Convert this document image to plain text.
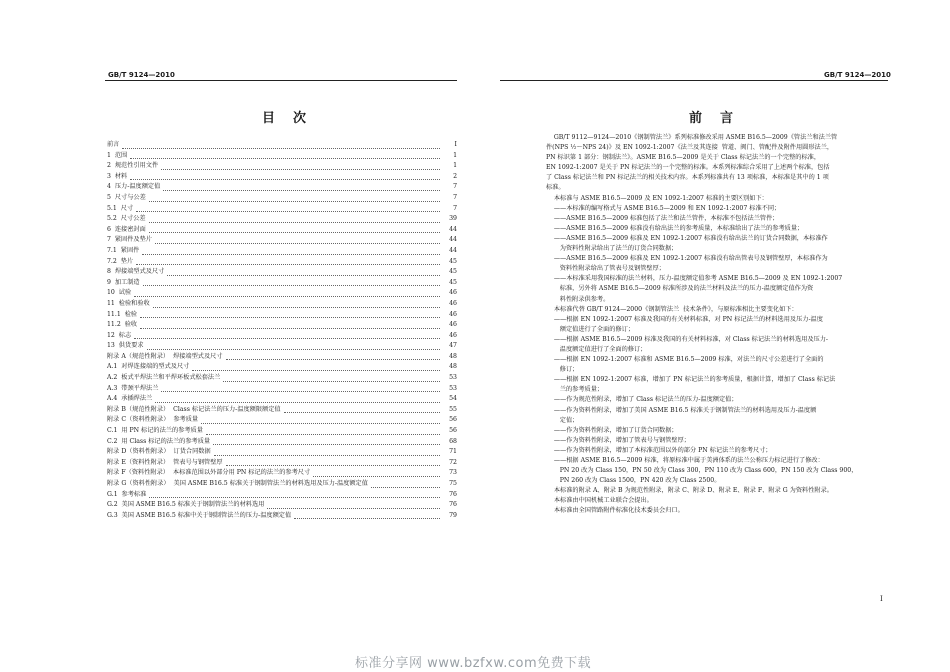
GB/T 9124—2010
目次
前言	Ⅰ
1  范围	1
2  规范性引用文件	1
3  材料	2
4  压力-温度额定值	7
5  尺寸与公差	7
5.1  尺寸	7
5.2  尺寸公差	39
6  连接密封面	44
7  紧固件及垫片	44
7.1  紧固件	44
7.2  垫片	45
8  焊接端型式及尺寸	45
9  加工制造	45
10  试验	46
11  检验和验收	46
11.1  检验	46
11.2  验收	46
12  标志	46
13  供货要求	47
附录 A（规范性附录）  焊接端型式及尺寸	48
A.1  对焊连接端的型式及尺寸	48
A.2  板式平焊法兰和平焊环板式松套法兰	53
A.3  带颈平焊法兰	53
A.4  承插焊法兰	54
附录 B（规范性附录）  Class 标记法兰的压力-温度额限额定值	55
附录 C（资料性附录）  参考质量	56
C.1  用 PN 标记的法兰的参考质量	56
C.2  用 Class 标记的法兰的参考质量	68
附录 D（资料性附录）  订货合同数据	71
附录 E（资料性附录）  管表号与钢管壁厚	72
附录 F（资料性附录）  本标准范围以外部分用 PN 标记的法兰的参考尺寸	73
附录 G（资料性附录）  美国 ASME B16.5 标准关于钢制管法兰的材料选用及压力-温度额定值	75
G.1  参考标准	76
G.2  美国 ASME B16.5 标准关于钢制管法兰的材料选用	76
G.3  美国 ASME B16.5 标准中关于钢制管法兰的压力-温度额定值	79
GB/T 9124—2010
前言

GB/T 9112—9124—2010《钢制管法兰》系列标准修改采用 ASME B16.5—2009《管法兰和法兰管

件(NPS ½～NPS 24)》及 EN 1092-1:2007《法兰及其连接  管道、阀门、管配件及附件用圆形法兰，

PN 标识第 1 部分：钢制法兰》。ASME B16.5—2009 是关于 Class 标记法兰的一个完整的标准，

EN 1092-1:2007 是关于 PN 标记法兰的一个完整的标准。本系列标准综合采用了上述两个标准，包括

了 Class 标记法兰和 PN 标记法兰的相关技术内容。本系列标准共有 13 项标准，本标准是其中的 1 项

标准。

本标准与 ASME B16.5—2009 及 EN 1092-1:2007 标准的主要区别如下：

——本标准的编写格式与 ASME B16.5—2009 和 EN 1092-1:2007 标准不同；

——ASME B16.5—2009 标准包括了法兰和法兰管件，本标准不包括法兰管件；

——ASME B16.5—2009 标准没有给出法兰的参考质量，本标准给出了法兰的参考质量；

——ASME B16.5—2009 标准及 EN 1092-1:2007 标准没有给出法兰的订货合同数据，本标准作

为资料性附录给出了法兰的订货合同数据；

——ASME B16.5—2009 标准及 EN 1092-1:2007 标准没有给出管表号及钢管壁厚，本标准作为

资料性附录给出了管表号及钢管壁厚；

——本标准采用我国标准的法兰材料，压力-温度额定值参考 ASME B16.5—2009 及 EN 1092-1:2007

标准，另外将 ASME B16.5—2009 标准所涉及的法兰材料及法兰的压力-温度额定值作为资

料性附录供参考。

本标准代替 GB/T 9124—2000《钢制管法兰  技术条件》，与原标准相比主要变化如下：

——根据 EN 1092-1:2007 标准及我国的有关材料标准，对 PN 标记法兰的材料选用及压力-温度

额定值进行了全面的修订；

——根据 ASME B16.5—2009 标准及我国的有关材料标准，对 Class 标记法兰的材料选用及压力-

温度额定值进行了全面的修订；

——根据 EN 1092-1:2007 标准和 ASME B16.5—2009 标准，对法兰的尺寸公差进行了全面的

修订；

——根据 EN 1092-1:2007 标准，增加了 PN 标记法兰的参考质量，根据计算，增加了 Class 标记法

兰的参考质量；

——作为规范性附录，增加了 Class 标记法兰的压力-温度额定值；

——作为资料性附录，增加了美国 ASME B16.5 标准关于钢制管法兰的材料选用及压力-温度额

定值；

——作为资料性附录，增加了订货合同数据；

——作为资料性附录，增加了管表号与钢管壁厚；

——作为资料性附录，增加了本标准范围以外的部分 PN 标记法兰的参考尺寸；

——根据 ASME B16.5—2009 标准，将原标准中属于美洲体系的法兰公称压力标记进行了修改：

PN 20 改为 Class 150，PN 50 改为 Class 300，PN 110 改为 Class 600，PN 150 改为 Class 900，

PN 260 改为 Class 1500，PN 420 改为 Class 2500。

本标准的附录 A、附录 B 为规范性附录，附录 C、附录 D、附录 E、附录 F、附录 G 为资料性附录。

本标准由中国机械工业联合会提出。

本标准由全国管路附件标准化技术委员会归口。

I
标准分享网 www.bzfxw.com免费下载
